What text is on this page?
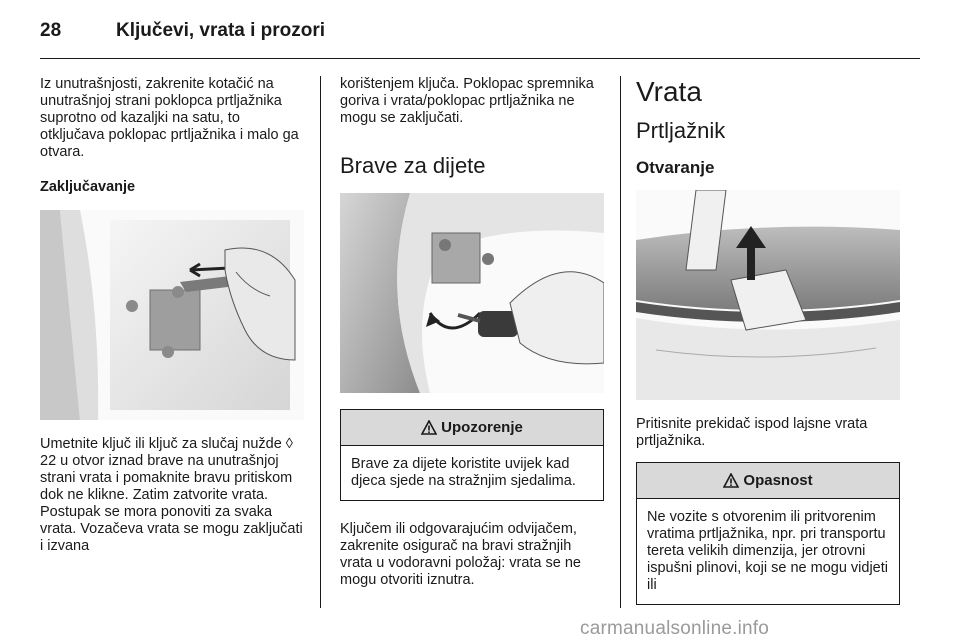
28	Ključevi, vrata i prozori

Iz unutrašnjosti, zakrenite kotačić na unutrašnjoj strani poklopca prtljažnika suprotno od kazaljki na satu, to otključava poklopac prtljažnika i malo ga otvara.

Zaključavanje

Umetnite ključ ili ključ za slučaj nužde ◊ 22 u otvor iznad brave na unutrašnjoj strani vrata i pomaknite bravu pritiskom dok ne klikne. Zatim zatvorite vrata. Postupak se mora ponoviti za svaka vrata. Vozačeva vrata se mogu zaključati i izvana

korištenjem ključa. Poklopac spremnika goriva i vrata/poklopac prtljažnika ne mogu se zaključati.

Brave za dijete
Upozorenje
Brave za dijete koristite uvijek kad djeca sjede na stražnjim sjedalima.

Ključem ili odgovarajućim odvijačem, zakrenite osigurač na bravi stražnjih vrata u vodoravni položaj: vrata se ne mogu otvoriti iznutra.

Vrata
Prtljažnik
Otvaranje

Pritisnite prekidač ispod lajsne vrata prtljažnika.

Opasnost
Ne vozite s otvorenim ili pritvorenim vratima prtljažnika, npr. pri transportu tereta velikih dimenzija, jer otrovni ispušni plinovi, koji se ne mogu vidjeti ili
carmanualsonline.info
